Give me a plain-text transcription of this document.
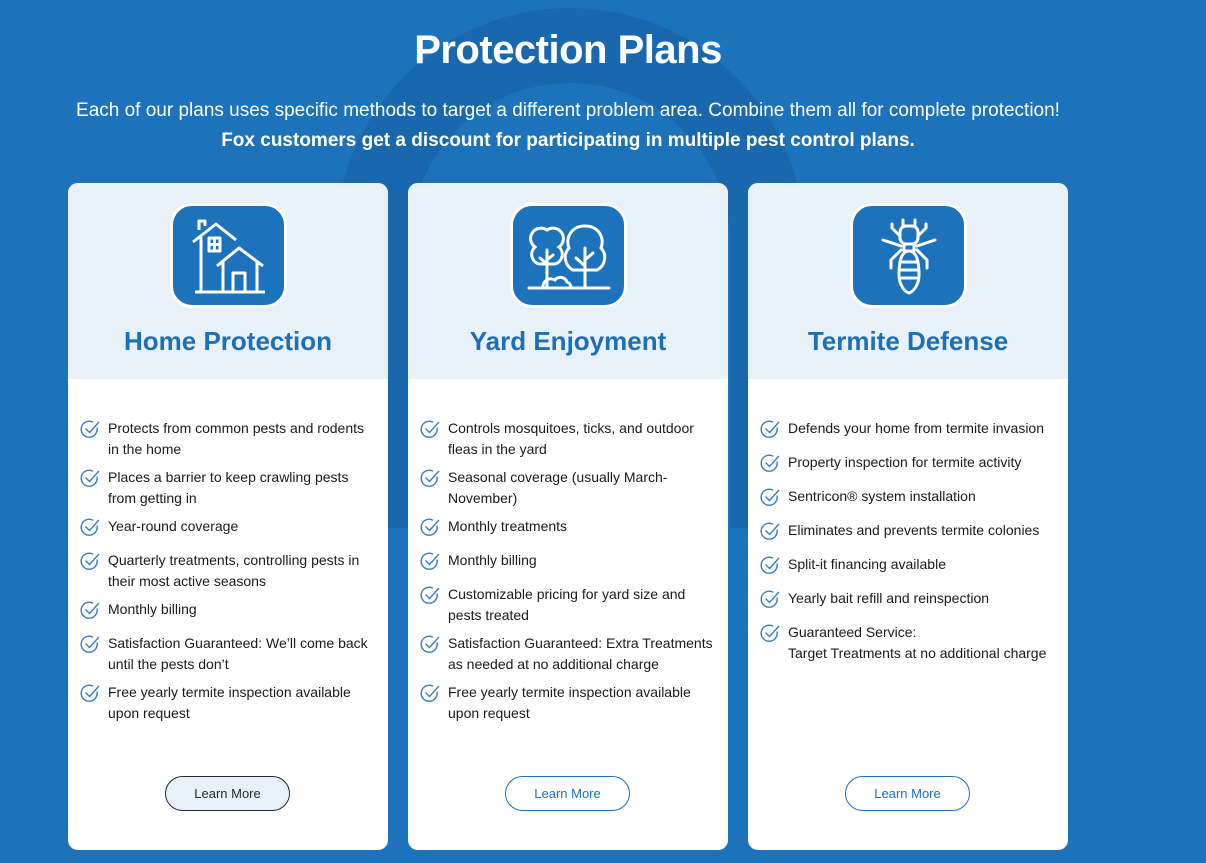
Protection Plans

Each of our plans uses specific methods to target a different problem area. Combine them all for complete protection! Fox customers get a discount for participating in multiple pest control plans.

Home Protection
Protects from common pests and rodents in the home
Places a barrier to keep crawling pests from getting in
Year-round coverage
Quarterly treatments, controlling pests in their most active seasons
Monthly billing
Satisfaction Guaranteed: We’ll come back until the pests don’t
Free yearly termite inspection available upon request
Learn More
Yard Enjoyment
Controls mosquitoes, ticks, and outdoor fleas in the yard
Seasonal coverage (usually March-November)
Monthly treatments
Monthly billing
Customizable pricing for yard size and pests treated
Satisfaction Guaranteed: Extra Treatments as needed at no additional charge
Free yearly termite inspection available upon request
Learn More
Termite Defense
Defends your home from termite invasion
Property inspection for termite activity
Sentricon® system installation
Eliminates and prevents termite colonies
Split-it financing available
Yearly bait refill and reinspection
Guaranteed Service:
Target Treatments at no additional charge
Learn More
